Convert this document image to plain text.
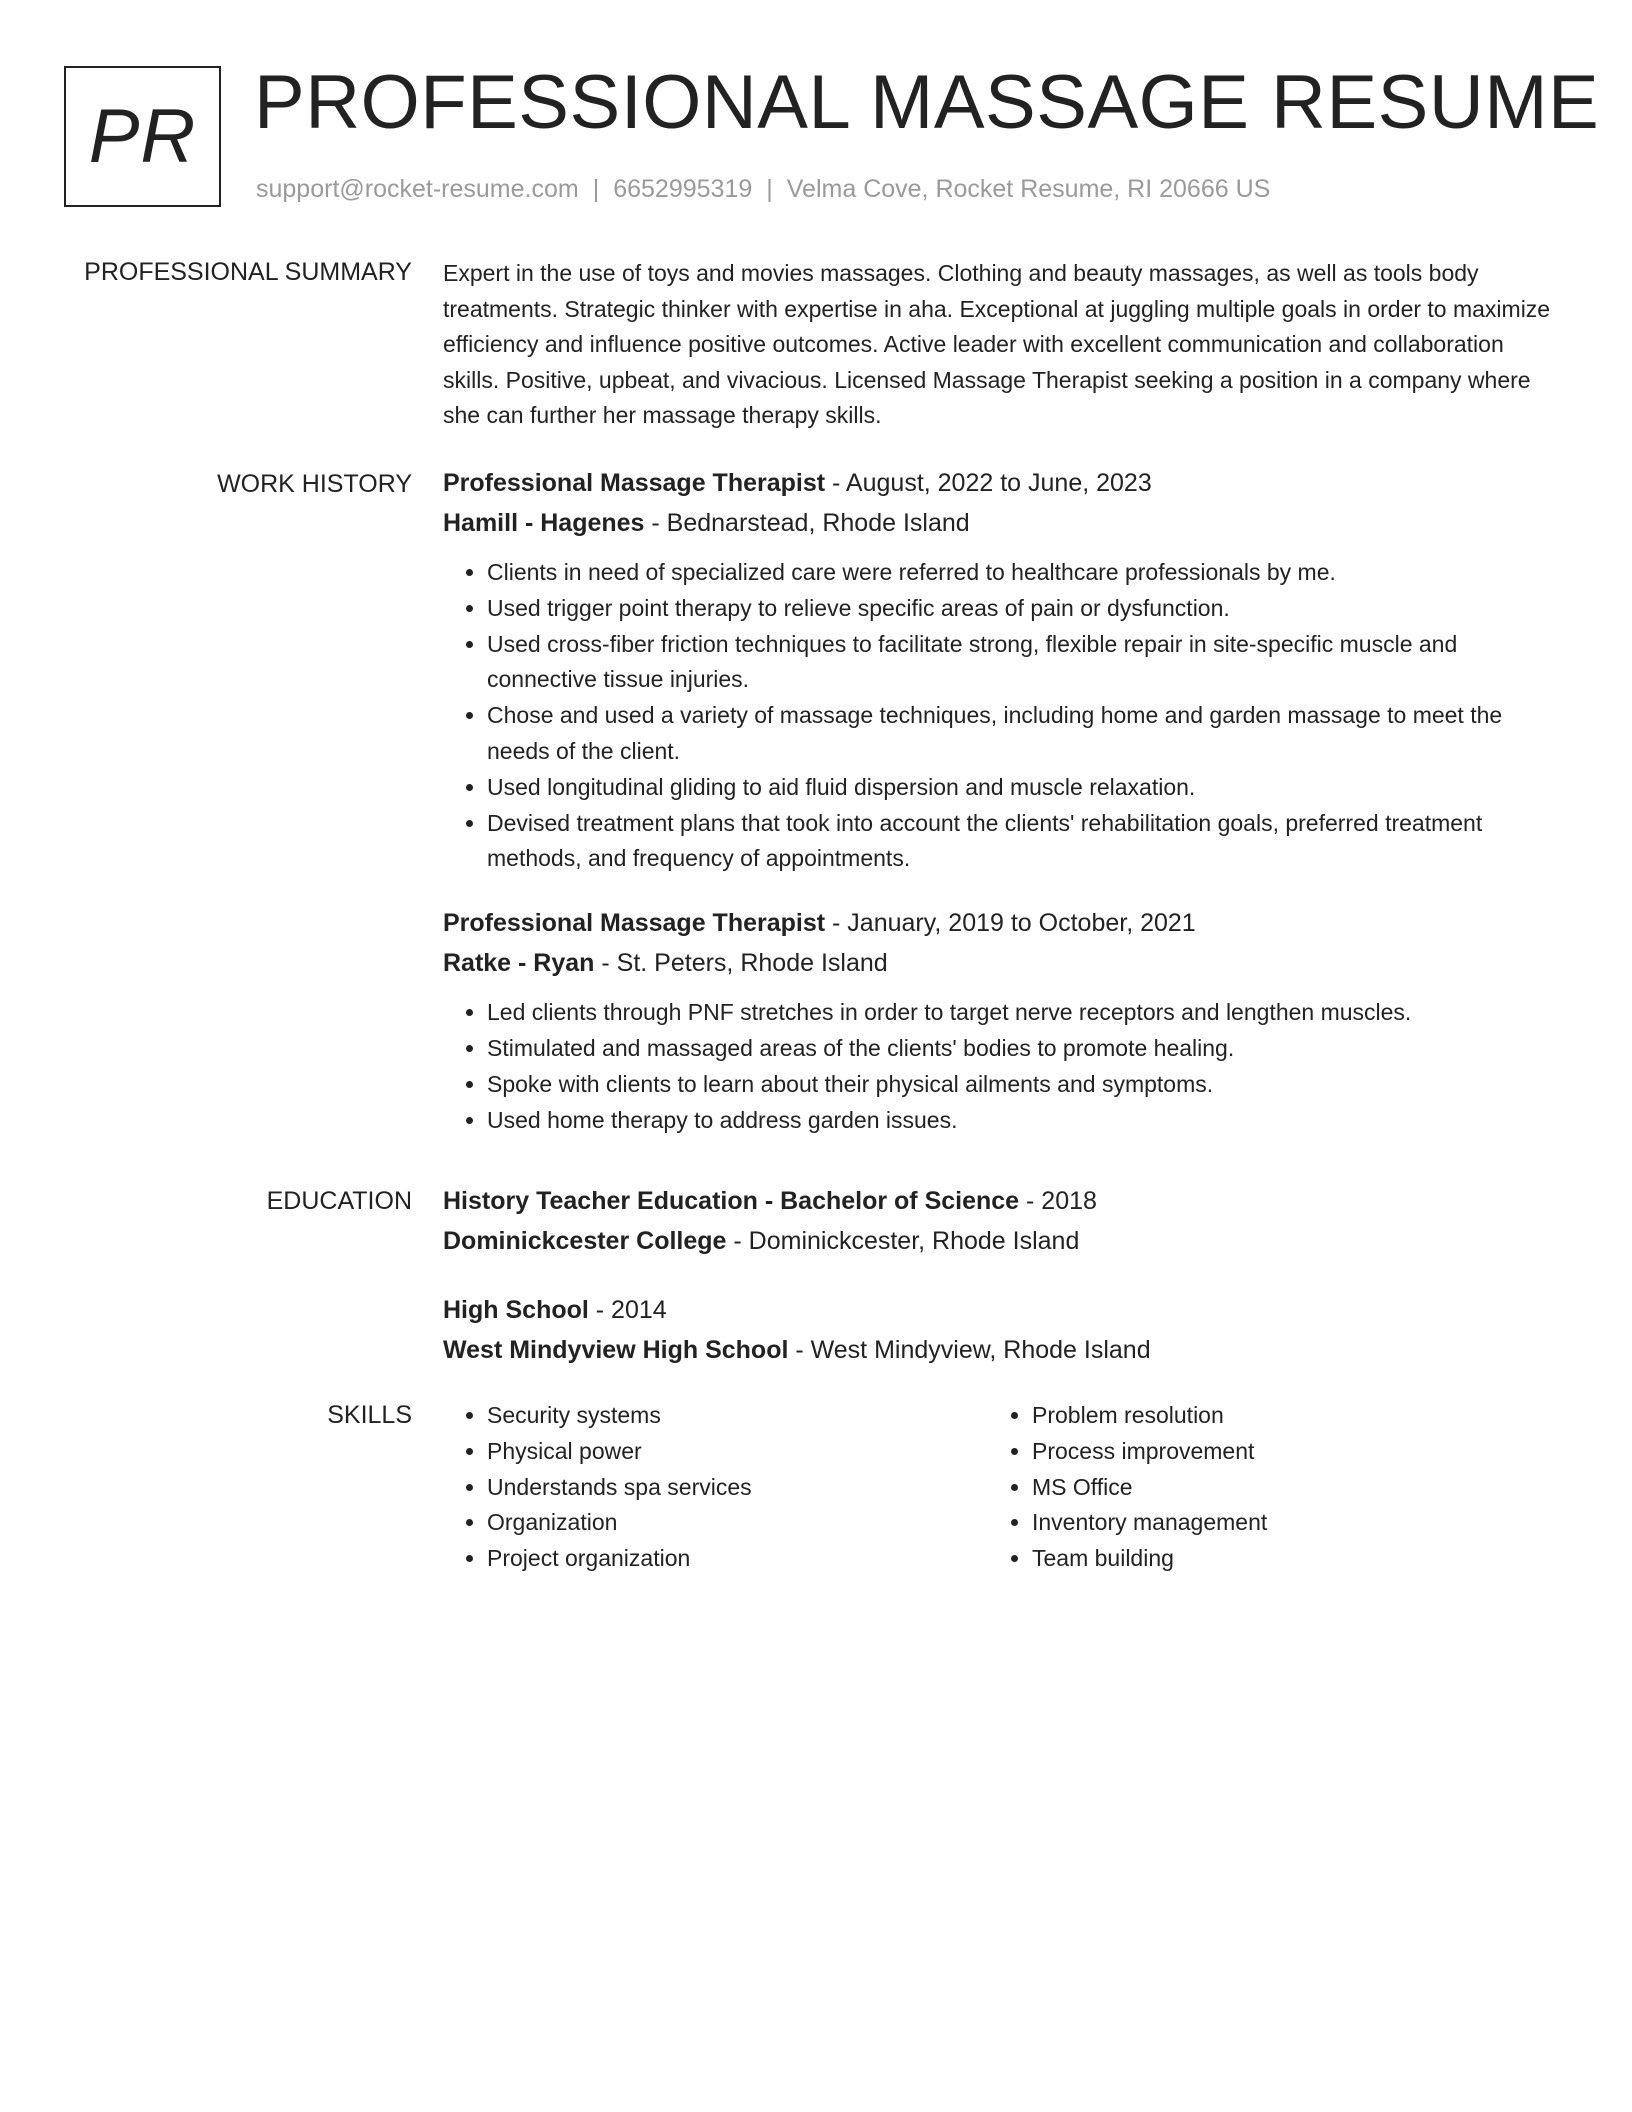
PR PROFESSIONAL MASSAGE RESUME
support@rocket-resume.com | 6652995319 | Velma Cove, Rocket Resume, RI 20666 US
PROFESSIONAL SUMMARY Expert in the use of toys and movies massages. Clothing and beauty massages, as well as tools body treatments. Strategic thinker with expertise in aha. Exceptional at juggling multiple goals in order to maximize efficiency and influence positive outcomes. Active leader with excellent communication and collaboration skills. Positive, upbeat, and vivacious. Licensed Massage Therapist seeking a position in a company where she can further her massage therapy skills.

WORK HISTORY Professional Massage Therapist - August, 2022 to June, 2023
Hamill - Hagenes - Bednarstead, Rhode Island
• Clients in need of specialized care were referred to healthcare professionals by me.
• Used trigger point therapy to relieve specific areas of pain or dysfunction.
• Used cross-fiber friction techniques to facilitate strong, flexible repair in site-specific muscle and connective tissue injuries.
• Chose and used a variety of massage techniques, including home and garden massage to meet the needs of the client.
• Used longitudinal gliding to aid fluid dispersion and muscle relaxation.
• Devised treatment plans that took into account the clients' rehabilitation goals, preferred treatment methods, and frequency of appointments.
Professional Massage Therapist - January, 2019 to October, 2021
Ratke - Ryan - St. Peters, Rhode Island
• Led clients through PNF stretches in order to target nerve receptors and lengthen muscles.
• Stimulated and massaged areas of the clients' bodies to promote healing.
• Spoke with clients to learn about their physical ailments and symptoms.
• Used home therapy to address garden issues.
EDUCATION History Teacher Education - Bachelor of Science - 2018
Dominickcester College - Dominickcester, Rhode Island
High School - 2014
West Mindyview High School - West Mindyview, Rhode Island
SKILLS
•	Security systems
• Physical power
• Understands spa services
• Organization
• Project organization
• Problem resolution
• Process improvement
• MS Office
• Inventory management
• Team building
